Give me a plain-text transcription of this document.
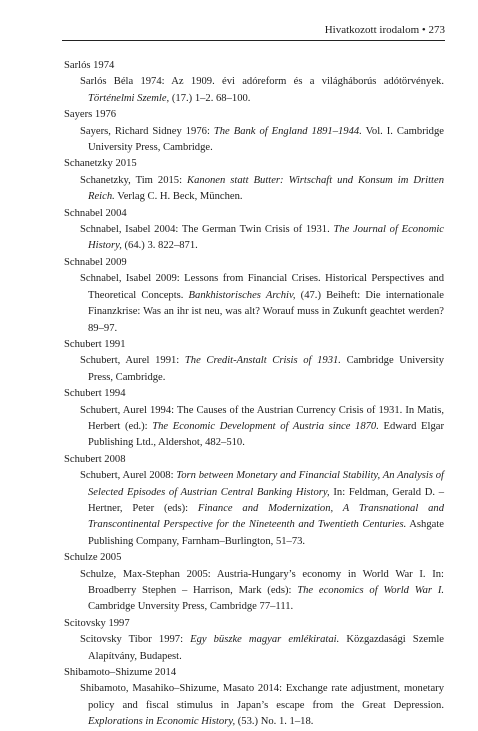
Hivatkozott irodalom • 273

Sarlós 1974

Sarlós Béla 1974: Az 1909. évi adóreform és a világháborús adótörvények. Történelmi Szemle, (17.) 1–2. 68–100.

Sayers 1976

Sayers, Richard Sidney 1976: The Bank of England 1891–1944. Vol. I. Cambridge University Press, Cambridge.

Schanetzky 2015

Schanetzky, Tim 2015: Kanonen statt Butter: Wirtschaft und Konsum im Dritten Reich. Verlag C. H. Beck, München.

Schnabel 2004

Schnabel, Isabel 2004: The German Twin Crisis of 1931. The Journal of Economic History, (64.) 3. 822–871.

Schnabel 2009

Schnabel, Isabel 2009: Lessons from Financial Crises. Historical Perspectives and Theoretical Concepts. Bankhistorisches Archiv, (47.) Beiheft: Die internationale Finanzkrise: Was an ihr ist neu, was alt? Worauf muss in Zukunft geachtet werden? 89–97.

Schubert 1991

Schubert, Aurel 1991: The Credit-Anstalt Crisis of 1931. Cambridge University Press, Cambridge.

Schubert 1994

Schubert, Aurel 1994: The Causes of the Austrian Currency Crisis of 1931. In Matis, Herbert (ed.): The Economic Development of Austria since 1870. Edward Elgar Publishing Ltd., Aldershot, 482–510.

Schubert 2008

Schubert, Aurel 2008: Torn between Monetary and Financial Stability, An Analysis of Selected Episodes of Austrian Central Banking History, In: Feldman, Gerald D. – Hertner, Peter (eds): Finance and Modernization, A Transnational and Transcontinental Perspective for the Nineteenth and Twentieth Centuries. Ashgate Publishing Company, Farnham–Burlington, 51–73.

Schulze 2005

Schulze, Max-Stephan 2005: Austria-Hungary’s economy in World War I. In: Broadberry Stephen – Harrison, Mark (eds): The economics of World War I. Cambridge Unversity Press, Cambridge 77–111.

Scitovsky 1997

Scitovsky Tibor 1997: Egy büszke magyar emlékiratai. Közgazdasági Szemle Alapítvány, Budapest.

Shibamoto–Shizume 2014

Shibamoto, Masahiko–Shizume, Masato 2014: Exchange rate adjustment, monetary policy and fiscal stimulus in Japan’s escape from the Great Depression. Explorations in Economic History, (53.) No. 1. 1–18.
